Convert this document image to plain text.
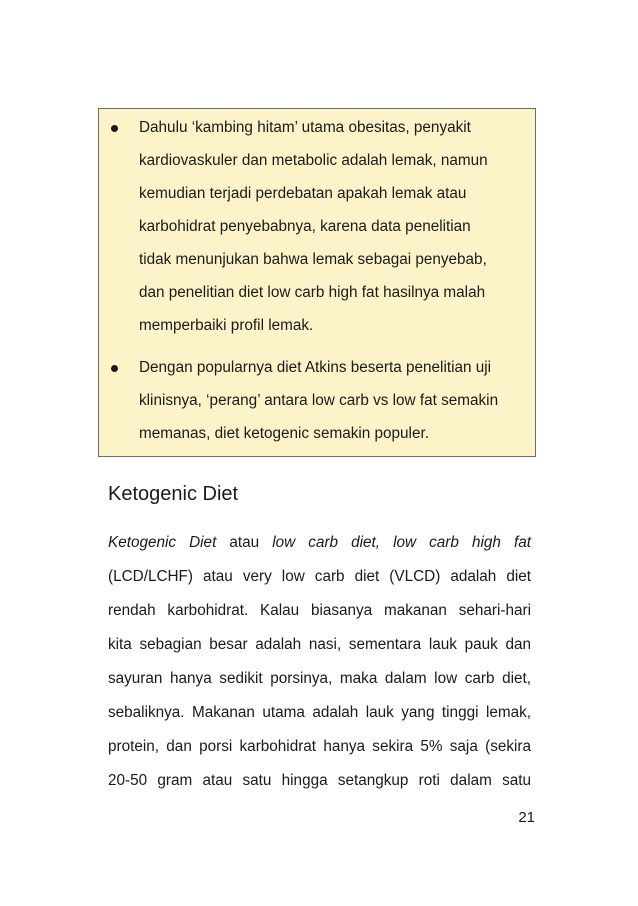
Dahulu ‘kambing hitam’ utama obesitas, penyakit
kardiovaskuler dan metabolic adalah lemak, namun
kemudian terjadi perdebatan apakah lemak atau
karbohidrat penyebabnya, karena data penelitian
tidak menunjukan bahwa lemak sebagai penyebab,
dan penelitian diet low carb high fat hasilnya malah
memperbaiki profil lemak.
Dengan popularnya diet Atkins beserta penelitian uji
klinisnya, ‘perang’ antara low carb vs low fat semakin
memanas, diet ketogenic semakin populer.
Ketogenic Diet
Ketogenic Diet atau low carb diet, low carb high fat
(LCD/LCHF) atau very low carb diet (VLCD) adalah diet
rendah karbohidrat. Kalau biasanya makanan sehari-hari
kita sebagian besar adalah nasi, sementara lauk pauk dan
sayuran hanya sedikit porsinya, maka dalam low carb diet,
sebaliknya. Makanan utama adalah lauk yang tinggi lemak,
protein, dan porsi karbohidrat hanya sekira 5% saja (sekira
20-50 gram atau satu hingga setangkup roti dalam satu
21
